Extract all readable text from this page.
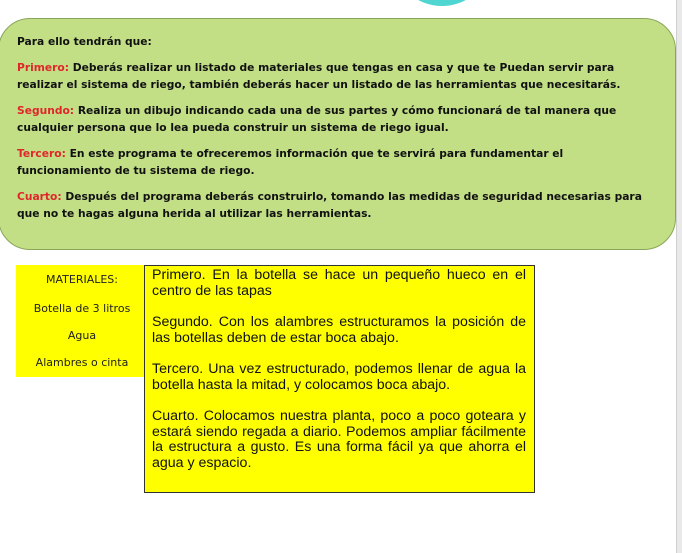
Para ello tendrán que:

Primero: Deberás realizar un listado de materiales que tengas en casa y que te Puedan servir para realizar el sistema de riego, también deberás hacer un listado de las herramientas que necesitarás.

Segundo: Realiza un dibujo indicando cada una de sus partes y cómo funcionará de tal manera que cualquier persona que lo lea pueda construir un sistema de riego igual.

Tercero: En este programa te ofreceremos información que te servirá para fundamentar el funcionamiento de tu sistema de riego.

Cuarto: Después del programa deberás construirlo, tomando las medidas de seguridad necesarias para que no te hagas alguna herida al utilizar las herramientas.

MATERIALES:
Botella de 3 litros
Agua
Alambres o cinta

Primero. En la botella se hace un pequeño hueco en el centro de las tapas

Segundo. Con los alambres estructuramos la posición de las botellas deben de estar boca abajo.

Tercero. Una vez estructurado, podemos llenar de agua la botella hasta la mitad, y colocamos boca abajo.

Cuarto. Colocamos nuestra planta, poco a poco goteara y estará siendo regada a diario. Podemos ampliar fácilmente la estructura a gusto. Es una forma fácil ya que ahorra el agua y espacio.
